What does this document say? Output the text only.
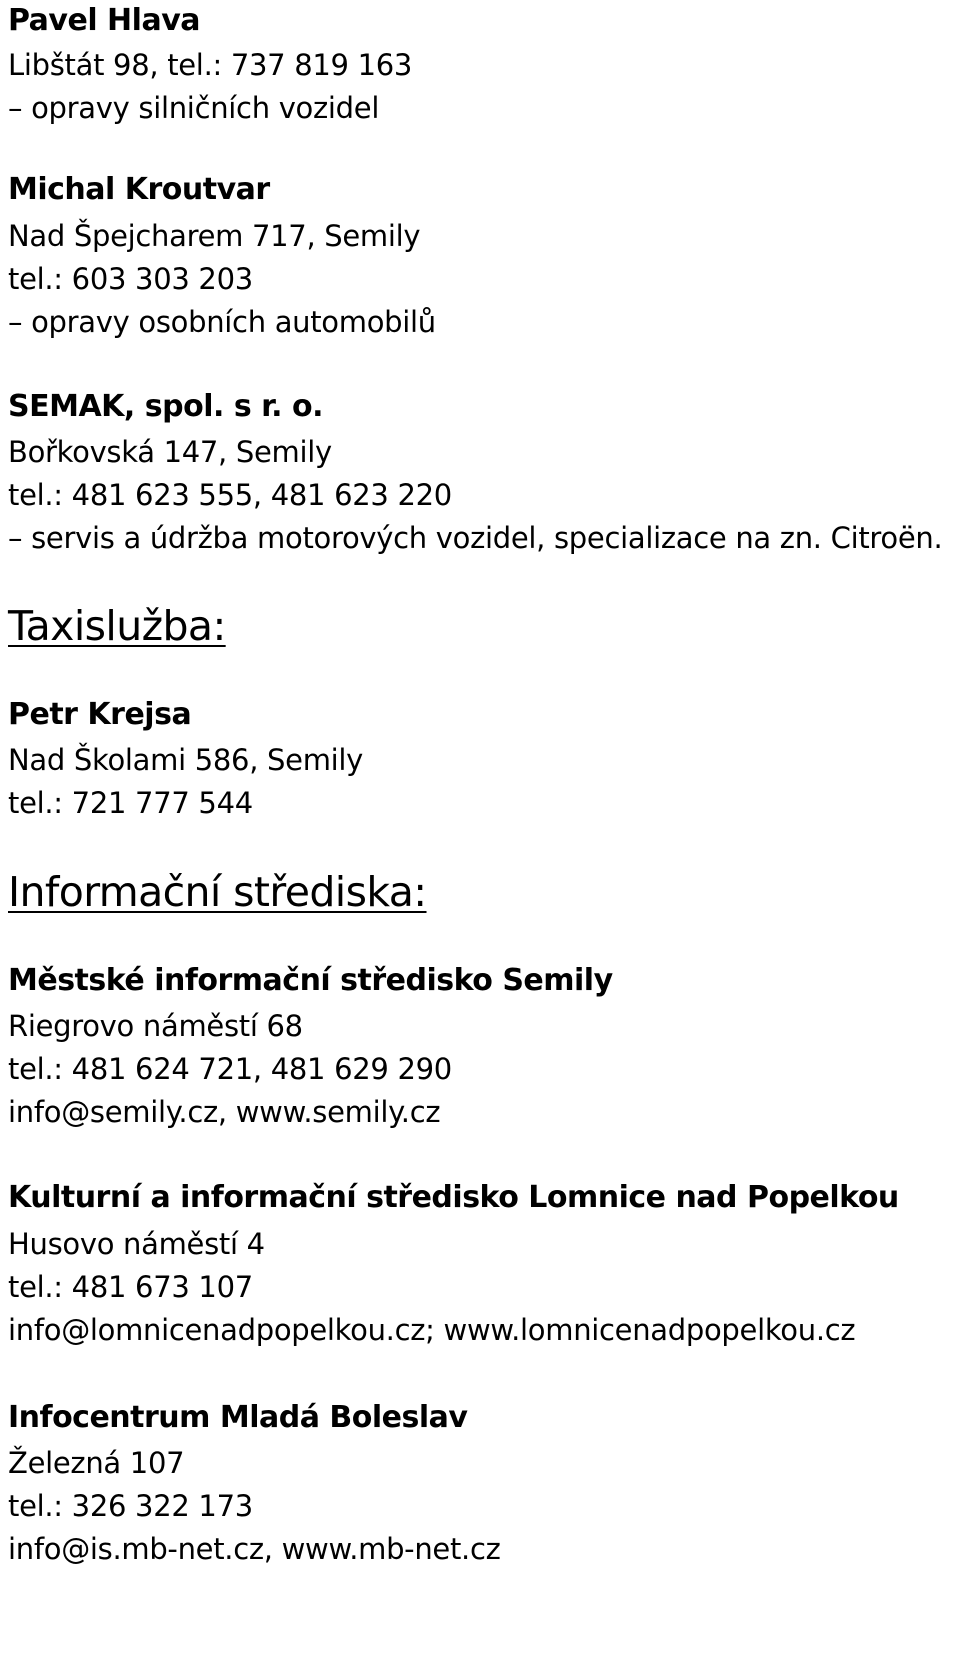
Pavel Hlava
Libštát 98, tel.: 737 819 163
– opravy silničních vozidel
Michal Kroutvar
Nad Špejcharem 717, Semily
tel.: 603 303 203
– opravy osobních automobilů
SEMAK, spol. s r. o.
Bořkovská 147, Semily
tel.: 481 623 555, 481 623 220
– servis a údržba motorových vozidel, specializace na zn. Citroën.
Taxislužba:
Petr Krejsa
Nad Školami 586, Semily
tel.: 721 777 544
Informační střediska:
Městské informační středisko Semily
Riegrovo náměstí 68
tel.: 481 624 721, 481 629 290
info@semily.cz, www.semily.cz
Kulturní a informační středisko Lomnice nad Popelkou
Husovo náměstí 4
tel.: 481 673 107
info@lomnicenadpopelkou.cz; www.lomnicenadpopelkou.cz
Infocentrum Mladá Boleslav
Železná 107
tel.: 326 322 173
info@is.mb-net.cz, www.mb-net.cz
